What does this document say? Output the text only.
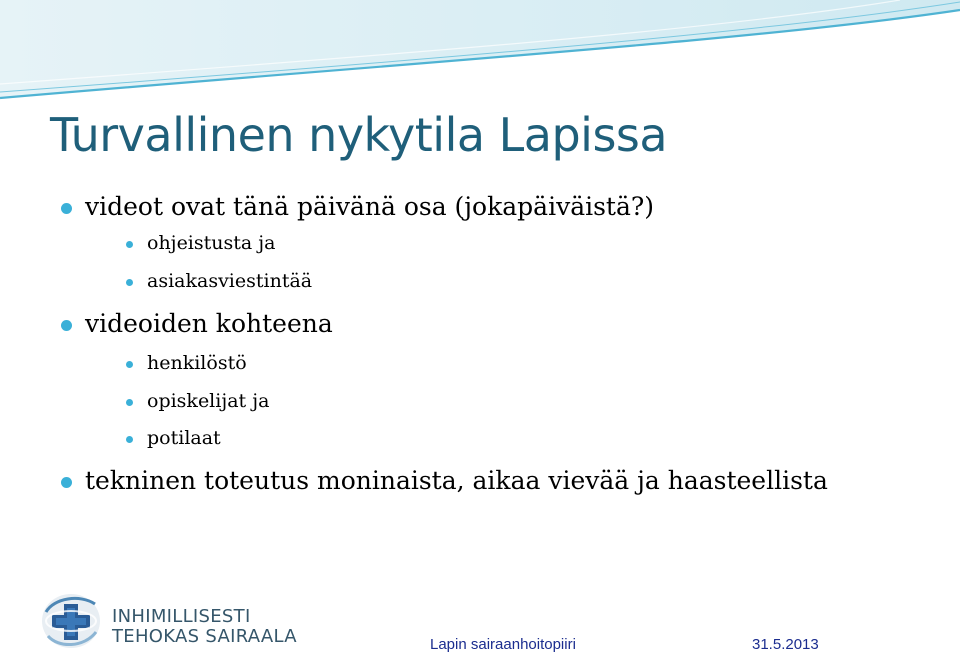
Turvallinen nykytila Lapissa
videot ovat tänä päivänä osa (jokapäiväistä?)
ohjeistusta ja
asiakasviestintää
videoiden kohteena
henkilöstö
opiskelijat ja
potilaat
tekninen toteutus moninaista, aikaa vievää ja haasteellista
INHIMILLISESTI
TEHOKAS SAIRAALA	Lapin sairaanhoitopiiri	31.5.2013
